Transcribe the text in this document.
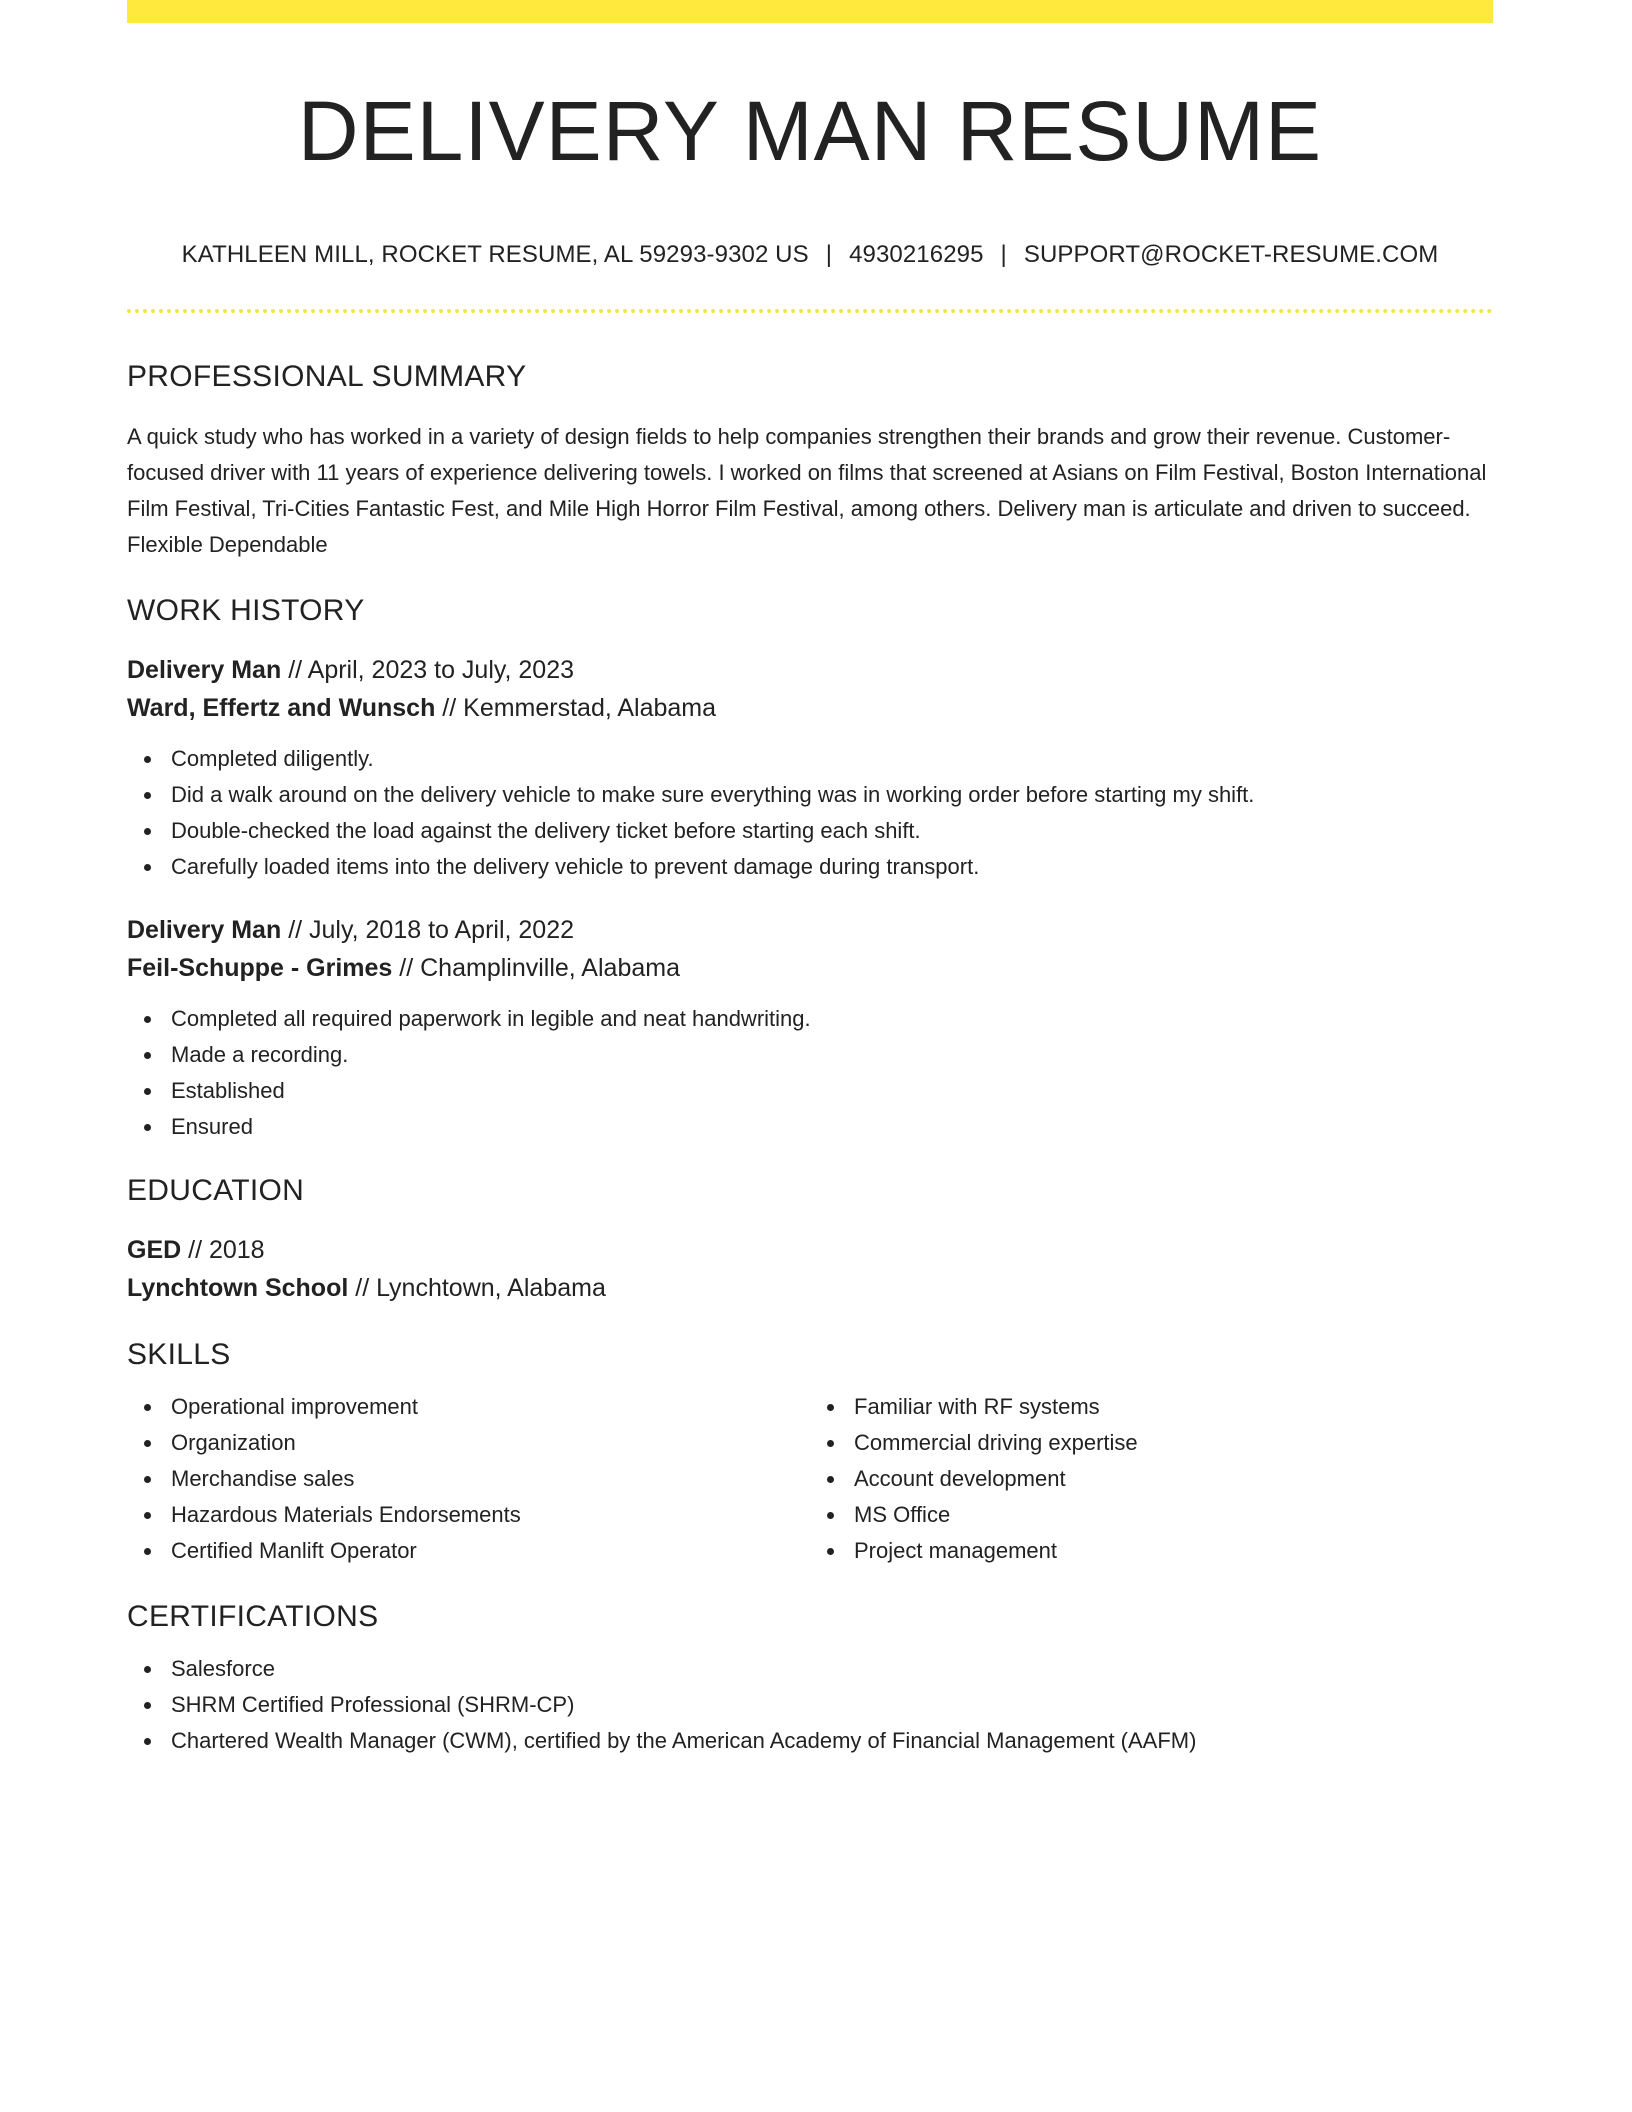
DELIVERY MAN RESUME
KATHLEEN MILL, ROCKET RESUME, AL 59293-9302 US | 4930216295 | SUPPORT@ROCKET-RESUME.COM
PROFESSIONAL SUMMARY
A quick study who has worked in a variety of design fields to help companies strengthen their brands and grow their revenue. Customer-focused driver with 11 years of experience delivering towels. I worked on films that screened at Asians on Film Festival, Boston International Film Festival, Tri-Cities Fantastic Fest, and Mile High Horror Film Festival, among others. Delivery man is articulate and driven to succeed. Flexible Dependable
WORK HISTORY
Delivery Man // April, 2023 to July, 2023
Ward, Effertz and Wunsch // Kemmerstad, Alabama
Completed diligently.
Did a walk around on the delivery vehicle to make sure everything was in working order before starting my shift.
Double-checked the load against the delivery ticket before starting each shift.
Carefully loaded items into the delivery vehicle to prevent damage during transport.
Delivery Man // July, 2018 to April, 2022
Feil-Schuppe - Grimes // Champlinville, Alabama
Completed all required paperwork in legible and neat handwriting.
Made a recording.
Established
Ensured
EDUCATION
GED // 2018
Lynchtown School // Lynchtown, Alabama
SKILLS
Operational improvement
Organization
Merchandise sales
Hazardous Materials Endorsements
Certified Manlift Operator
Familiar with RF systems
Commercial driving expertise
Account development
MS Office
Project management
CERTIFICATIONS
Salesforce
SHRM Certified Professional (SHRM-CP)
Chartered Wealth Manager (CWM), certified by the American Academy of Financial Management (AAFM)
